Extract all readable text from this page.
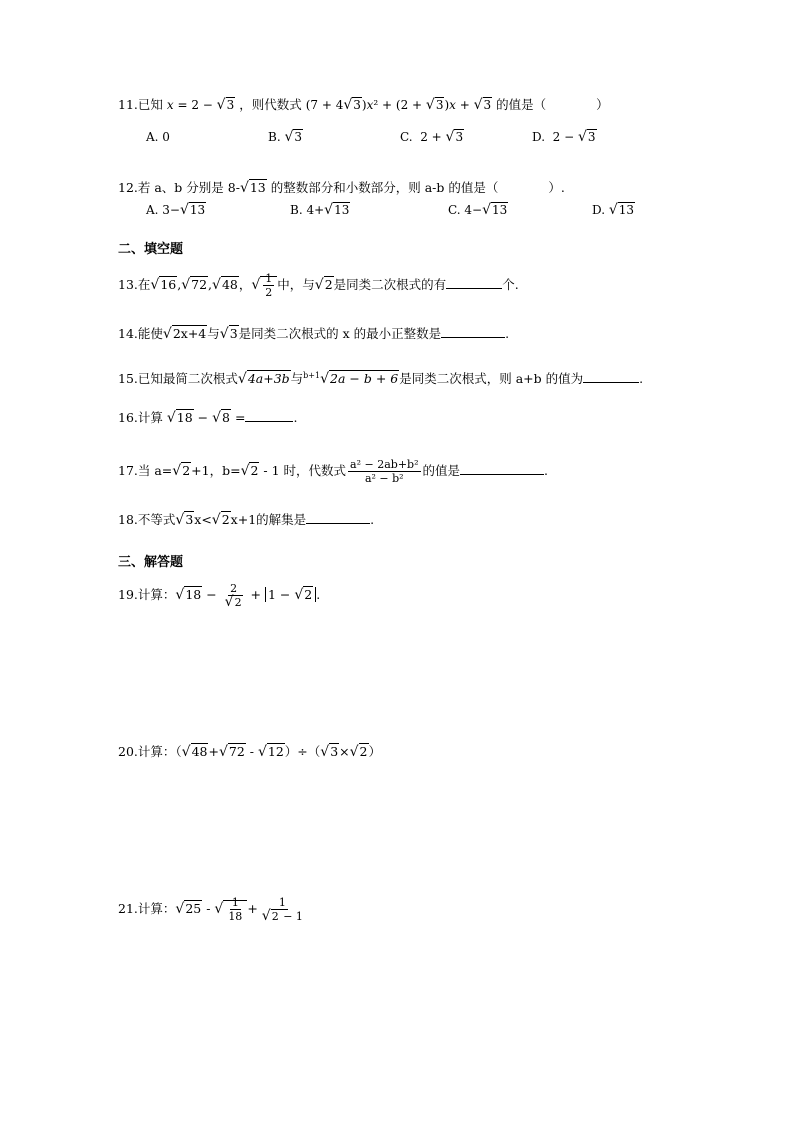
11.已知 x = 2 − √3 ，则代数式 (7 + 4√3)x² + (2 + √3)x + √3 的值是（　　　　）
A. 0	B. √3	C.  2 + √3	D.  2 − √3
12.若 a、b 分别是 8-√13 的整数部分和小数部分，则 a-b 的值是（　　　　）.
A. 3−√13	B. 4+√13	C. 4−√13	D. √13
二、填空题
13.在√16,√72,√48，√ $\frac{1}{2}$ 中，与√2是同类二次根式的有	个.
14.能使√2x+4与√3是同类二次根式的 x 的最小正整数是	.
15.已知最简二次根式√4a+3b与$^{b+1}$√2a − b + 6是同类二次根式，则 a+b 的值为	.
16.计算 √18 − √8 =	.
17.当 a=√2+1，b=√2 - 1 时，代数式 $\frac{\text{a² − 2ab+b²}}{\text{a² − b²}}$ 的值是	.
18.不等式√3x<√2x+1的解集是	.
三、解答题
19.计算：$√18 - \frac{2}{√2} + 1 - √2$ .
20.计算：（√48+√72 - √12）÷（√3×√2）
21.计算：√25 - √ $\frac{1}{18} + \frac{1}{√2 - 1}$
